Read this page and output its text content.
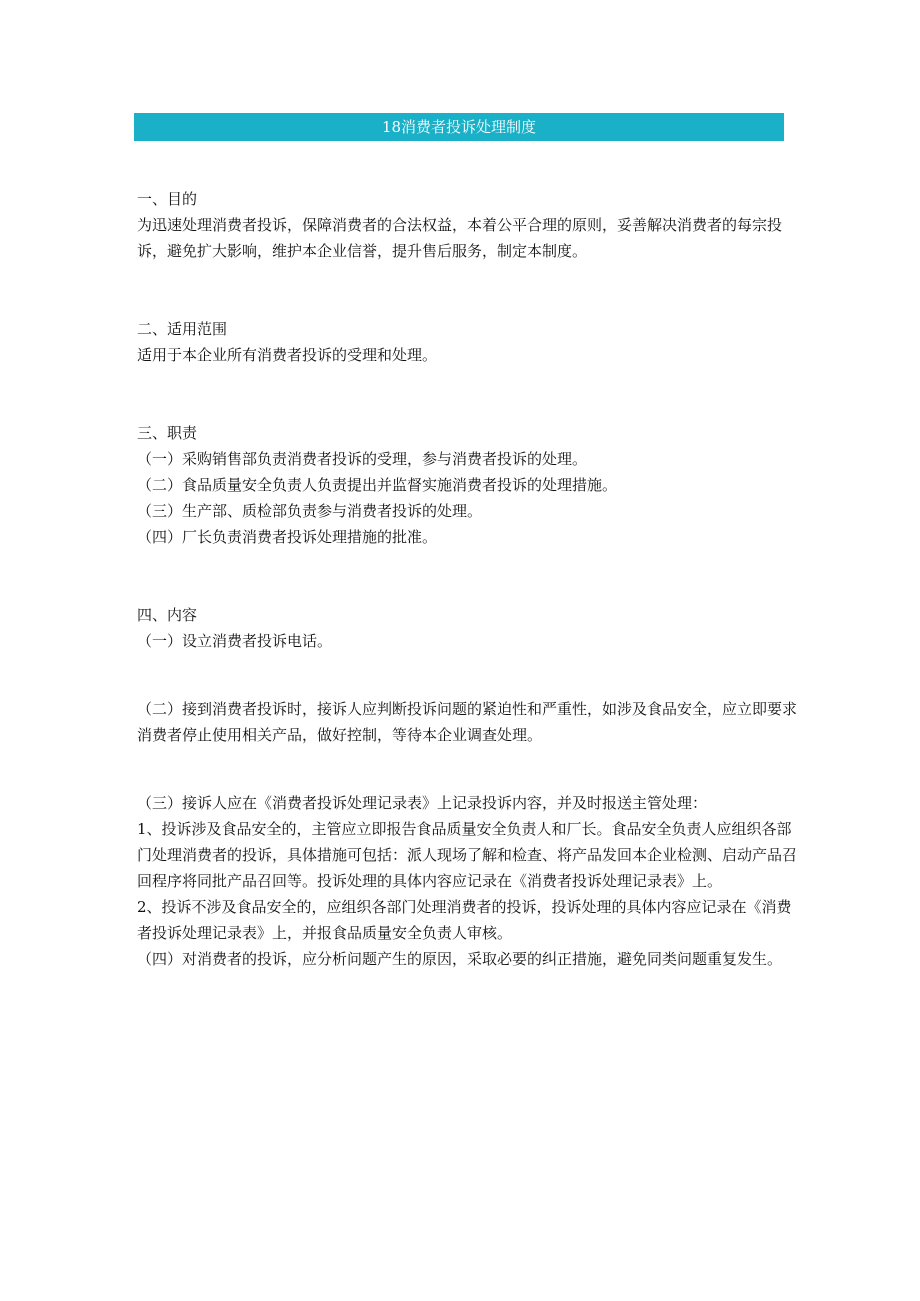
18消费者投诉处理制度

一、目的

为迅速处理消费者投诉，保障消费者的合法权益，本着公平合理的原则，妥善解决消费者的每宗投诉，避免扩大影响，维护本企业信誉，提升售后服务，制定本制度。

二、适用范围

适用于本企业所有消费者投诉的受理和处理。

三、职责

（一）采购销售部负责消费者投诉的受理，参与消费者投诉的处理。

（二）食品质量安全负责人负责提出并监督实施消费者投诉的处理措施。

（三）生产部、质检部负责参与消费者投诉的处理。

（四）厂长负责消费者投诉处理措施的批准。

四、内容

（一）设立消费者投诉电话。

（二）接到消费者投诉时，接诉人应判断投诉问题的紧迫性和严重性，如涉及食品安全，应立即要求消费者停止使用相关产品，做好控制，等待本企业调查处理。

（三）接诉人应在《消费者投诉处理记录表》上记录投诉内容，并及时报送主管处理：

1、投诉涉及食品安全的，主管应立即报告食品质量安全负责人和厂长。食品安全负责人应组织各部门处理消费者的投诉，具体措施可包括：派人现场了解和检查、将产品发回本企业检测、启动产品召回程序将同批产品召回等。投诉处理的具体内容应记录在《消费者投诉处理记录表》上。

2、投诉不涉及食品安全的，应组织各部门处理消费者的投诉，投诉处理的具体内容应记录在《消费者投诉处理记录表》上，并报食品质量安全负责人审核。

（四）对消费者的投诉，应分析问题产生的原因，采取必要的纠正措施，避免同类问题重复发生。
